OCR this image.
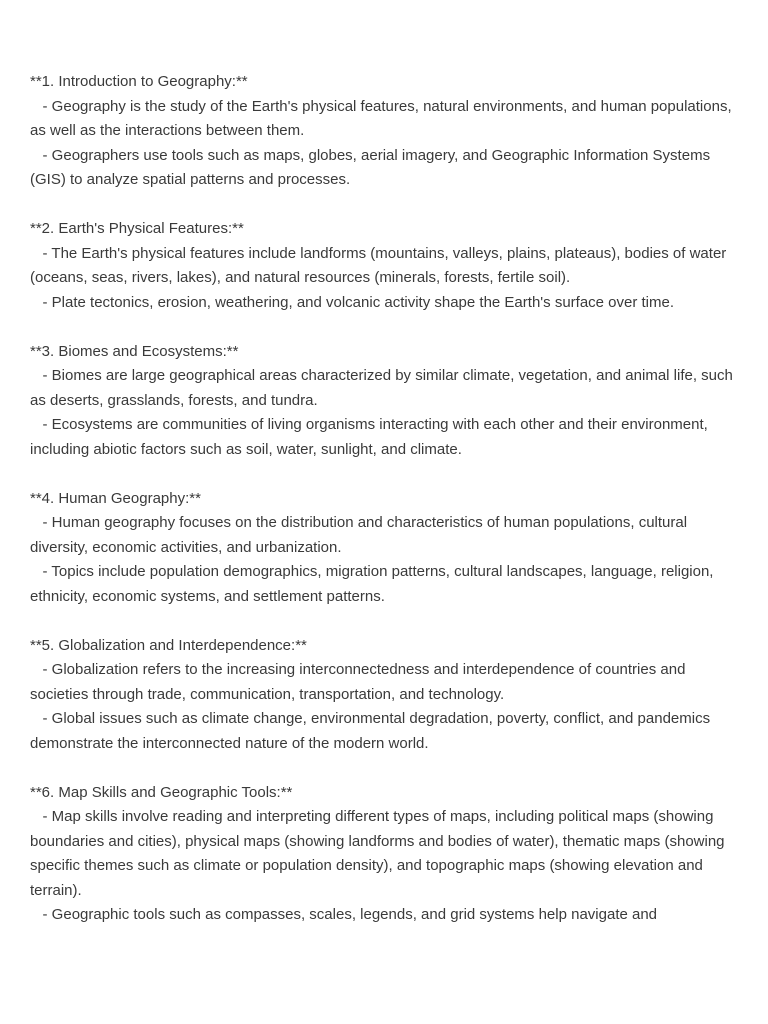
**1. Introduction to Geography:**
- Geography is the study of the Earth's physical features, natural environments, and human populations, as well as the interactions between them.
- Geographers use tools such as maps, globes, aerial imagery, and Geographic Information Systems (GIS) to analyze spatial patterns and processes.
**2. Earth's Physical Features:**
- The Earth's physical features include landforms (mountains, valleys, plains, plateaus), bodies of water (oceans, seas, rivers, lakes), and natural resources (minerals, forests, fertile soil).
- Plate tectonics, erosion, weathering, and volcanic activity shape the Earth's surface over time.
**3. Biomes and Ecosystems:**
- Biomes are large geographical areas characterized by similar climate, vegetation, and animal life, such as deserts, grasslands, forests, and tundra.
- Ecosystems are communities of living organisms interacting with each other and their environment, including abiotic factors such as soil, water, sunlight, and climate.
**4. Human Geography:**
- Human geography focuses on the distribution and characteristics of human populations, cultural diversity, economic activities, and urbanization.
- Topics include population demographics, migration patterns, cultural landscapes, language, religion, ethnicity, economic systems, and settlement patterns.
**5. Globalization and Interdependence:**
- Globalization refers to the increasing interconnectedness and interdependence of countries and societies through trade, communication, transportation, and technology.
- Global issues such as climate change, environmental degradation, poverty, conflict, and pandemics demonstrate the interconnected nature of the modern world.
**6. Map Skills and Geographic Tools:**
- Map skills involve reading and interpreting different types of maps, including political maps (showing boundaries and cities), physical maps (showing landforms and bodies of water), thematic maps (showing specific themes such as climate or population density), and topographic maps (showing elevation and terrain).
- Geographic tools such as compasses, scales, legends, and grid systems help navigate and
